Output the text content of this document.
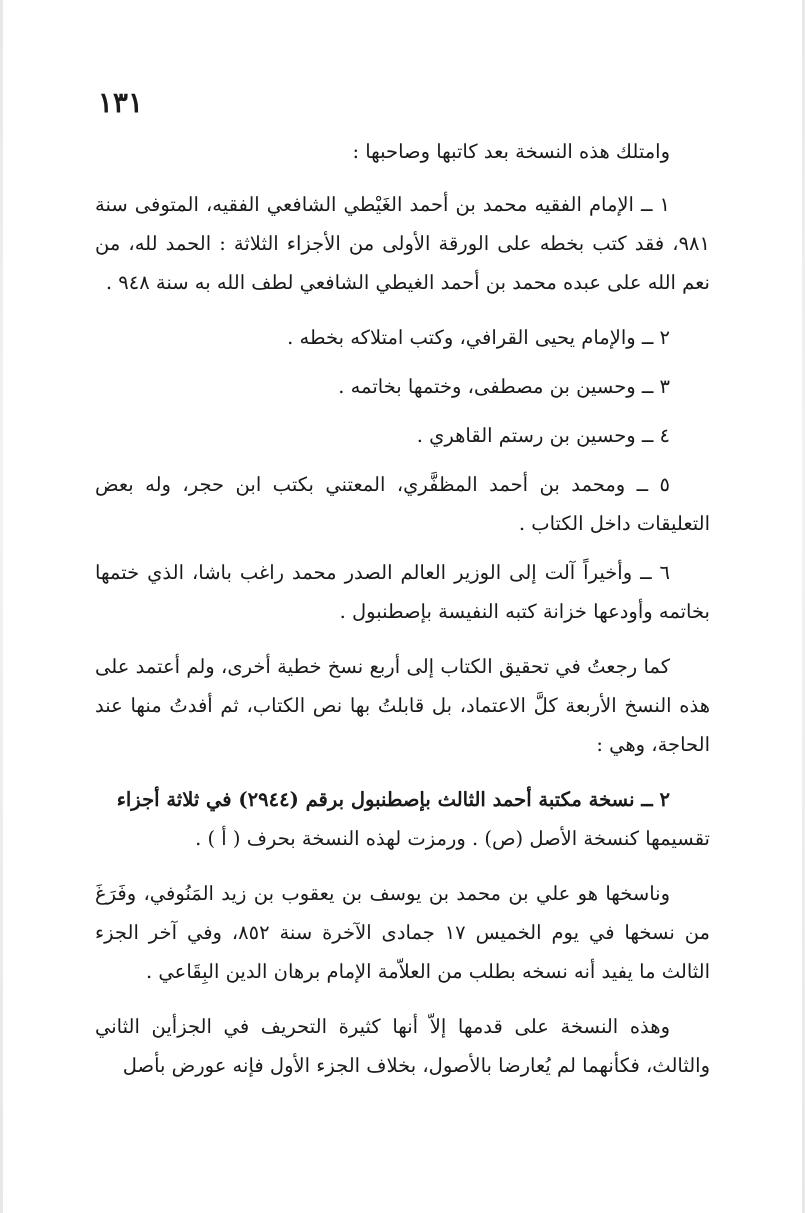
١٣١

وامتلك هذه النسخة بعد كاتبها وصاحبها :

١ ــ الإمام الفقيه محمد بن أحمد الغَيْطي الشافعي الفقيه، المتوفى سنة ٩٨١، فقد كتب بخطه على الورقة الأولى من الأجزاء الثلاثة : الحمد لله، من نعم الله على عبده محمد بن أحمد الغيطي الشافعي لطف الله به سنة ٩٤٨ .

٢ ــ والإمام يحيى القرافي، وكتب امتلاكه بخطه .

٣ ــ وحسين بن مصطفى، وختمها بخاتمه .

٤ ــ وحسين بن رستم القاهري .

٥ ــ ومحمد بن أحمد المظفَّري، المعتني بكتب ابن حجر، وله بعض التعليقات داخل الكتاب .

٦ ــ وأخيراً آلت إلى الوزير العالم الصدر محمد راغب باشا، الذي ختمها بخاتمه وأودعها خزانة كتبه النفيسة بإصطنبول .

كما رجعتُ في تحقيق الكتاب إلى أربع نسخ خطية أخرى، ولم أعتمد على هذه النسخ الأربعة كلَّ الاعتماد، بل قابلتُ بها نص الكتاب، ثم أفدتُ منها عند الحاجة، وهي :

٢ ــ نسخة مكتبة أحمد الثالث بإصطنبول برقم (٢٩٤٤) في ثلاثة أجزاء

تقسيمها كنسخة الأصل (ص) . ورمزت لهذه النسخة بحرف ( أ ) .

وناسخها هو علي بن محمد بن يوسف بن يعقوب بن زيد المَنُوفي، وفَرَغَ من نسخها في يوم الخميس ١٧ جمادى الآخرة سنة ٨٥٢، وفي آخر الجزء الثالث ما يفيد أنه نسخه بطلب من العلاّمة الإمام برهان الدين البِقَاعي .

وهذه النسخة على قدمها إلاّ أنها كثيرة التحريف في الجزأين الثاني والثالث، فكأنهما لم يُعارضا بالأصول، بخلاف الجزء الأول فإنه عورض بأصل
